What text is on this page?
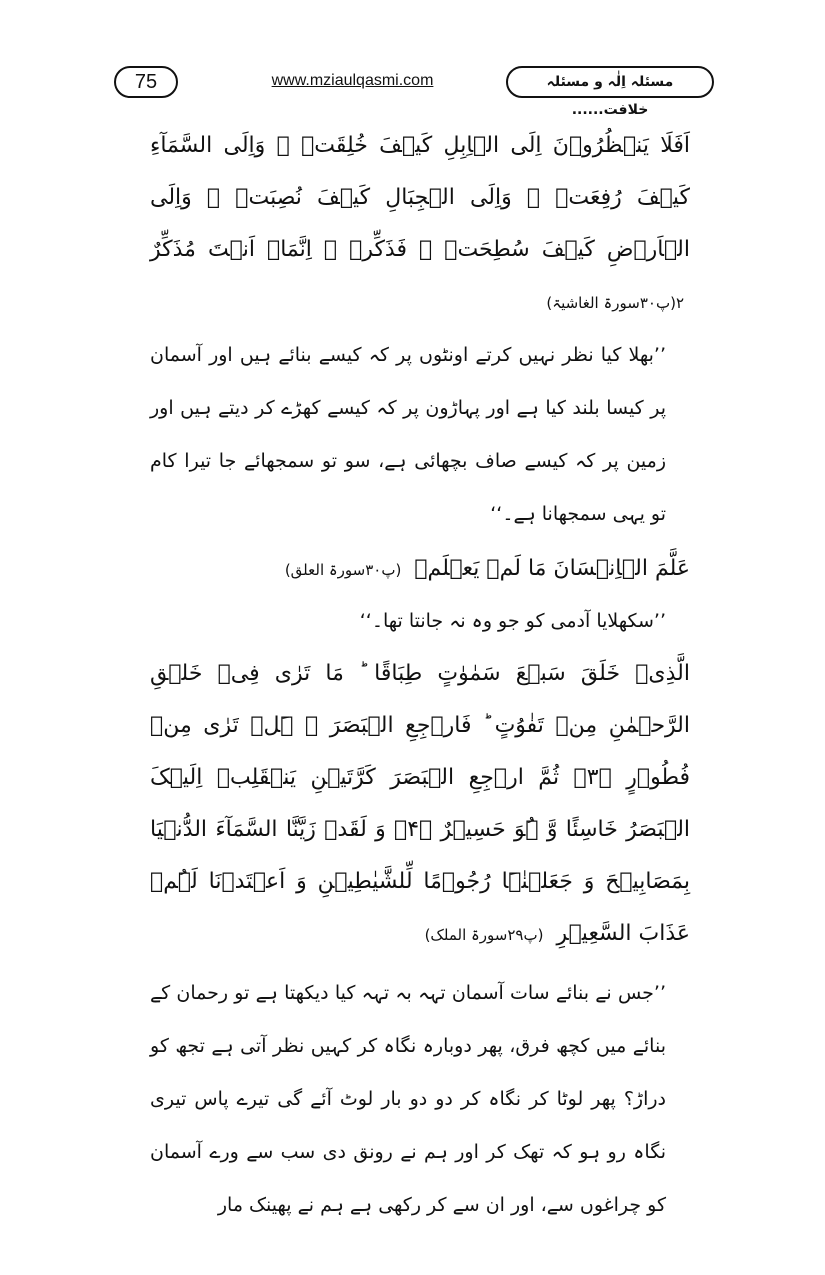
75	www.mziaulqasmi.com	مسئلہ اِلٰہ و مسئلہ خلافت......

اَفَلَا یَنۡظُرُوۡنَ اِلَی الۡاِبِلِ کَیۡفَ خُلِقَتۡ ۚ وَاِلَی السَّمَآءِ کَیۡفَ رُفِعَتۡ ۚ وَاِلَی الۡجِبَالِ کَیۡفَ نُصِبَتۡ ۚ وَاِلَی الۡاَرۡضِ کَیۡفَ سُطِحَتۡ ۚ فَذَکِّرۡ ۟ اِنَّمَاۤ اَنۡتَ مُذَکِّرٌ ۲(پ۳۰سورۃ الغاشیۃ)

’’بھلا کیا نظر نہیں کرتے اونٹوں پر کہ کیسے بنائے ہیں اور آسمان پر کیسا بلند کیا ہے اور پہاڑون پر کہ کیسے کھڑے کر دیتے ہیں اور زمین پر کہ کیسے صاف بچھائی ہے، سو تو سمجھائے جا تیرا کام تو یہی سمجھانا ہے۔‘‘

عَلَّمَ الۡاِنۡسَانَ مَا لَمۡ یَعۡلَمۡ (پ۳۰سورۃ العلق)

’’سکھلایا آدمی کو جو وہ نہ جانتا تھا۔‘‘

الَّذِیۡ خَلَقَ سَبۡعَ سَمٰوٰتٍ طِبَاقًا ؕ مَا تَرٰی فِیۡ خَلۡقِ الرَّحۡمٰنِ مِنۡ تَفٰوُتٍ ؕ فَارۡجِعِ الۡبَصَرَ ۙ ہَلۡ تَرٰی مِنۡ فُطُوۡرٍ ﴿۳﴾ ثُمَّ ارۡجِعِ الۡبَصَرَ کَرَّتَیۡنِ یَنۡقَلِبۡ اِلَیۡکَ الۡبَصَرُ خَاسِئًا وَّ ہُوَ حَسِیۡرٌ ﴿۴﴾ وَ لَقَدۡ زَیَّنَّا السَّمَآءَ الدُّنۡیَا بِمَصَابِیۡحَ وَ جَعَلۡنٰہَا رُجُوۡمًا لِّلشَّیٰطِیۡنِ وَ اَعۡتَدۡنَا لَہُمۡ عَذَابَ السَّعِیۡرِ (پ۲۹سورۃ الملک)

’’جس نے بنائے سات آسمان تہہ بہ تہہ کیا دیکھتا ہے تو رحمان کے بنائے میں کچھ فرق، پھر دوبارہ نگاہ کر کہیں نظر آتی ہے تجھ کو دراڑ؟ پھر لوٹا کر نگاہ کر دو دو بار لوٹ آئے گی تیرے پاس تیری نگاہ رو ہو کہ تھک کر اور ہم نے رونق دی سب سے ورے آسمان کو چراغوں سے، اور ان سے کر رکھی ہے ہم نے پھینک مار
